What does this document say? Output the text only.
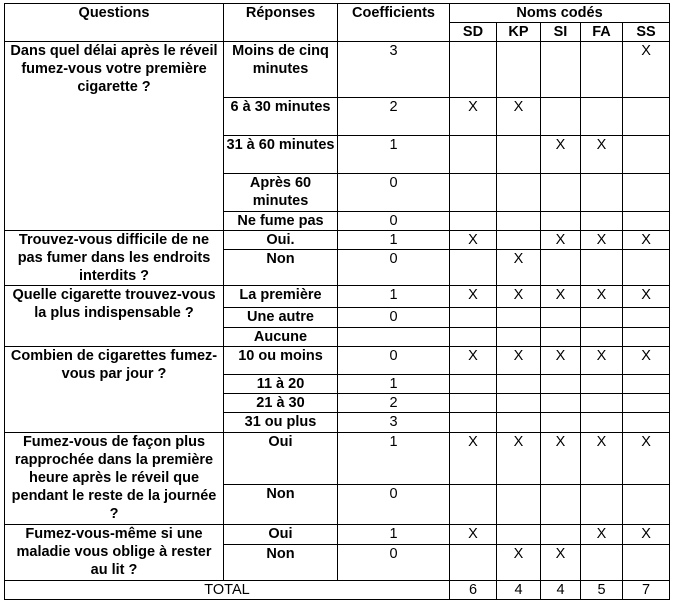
Questions	Réponses	Coefficients	Noms codés				
			SD	KP	SI	FA	SS
Dans quel délai après le réveil fumez-vous votre première cigarette ?	Moins de cinq minutes	3					X
	6 à 30 minutes	2	X	X			
	31 à 60 minutes	1			X	X	
	Après 60 minutes	0					
	Ne fume pas	0					
Trouvez-vous difficile de ne pas fumer dans les endroits interdits ?	Oui.	1	X		X	X	X
	Non	0		X			
Quelle cigarette trouvez-vous la plus indispensable ?	La première	1	X	X	X	X	X
	Une autre	0					
	Aucune						
Combien de cigarettes fumez-vous par jour ?	10 ou moins	0	X	X	X	X	X
	11 à 20	1					
	21 à 30	2					
	31 ou plus	3					
Fumez-vous de façon plus rapprochée dans la première heure après le réveil que pendant le reste de la journée ?	Oui	1	X	X	X	X	X
	Non	0					
Fumez-vous-même si une maladie vous oblige à rester au lit ?	Oui	1	X			X	X
	Non	0		X	X		
TOTAL			6	4	4	5	7
